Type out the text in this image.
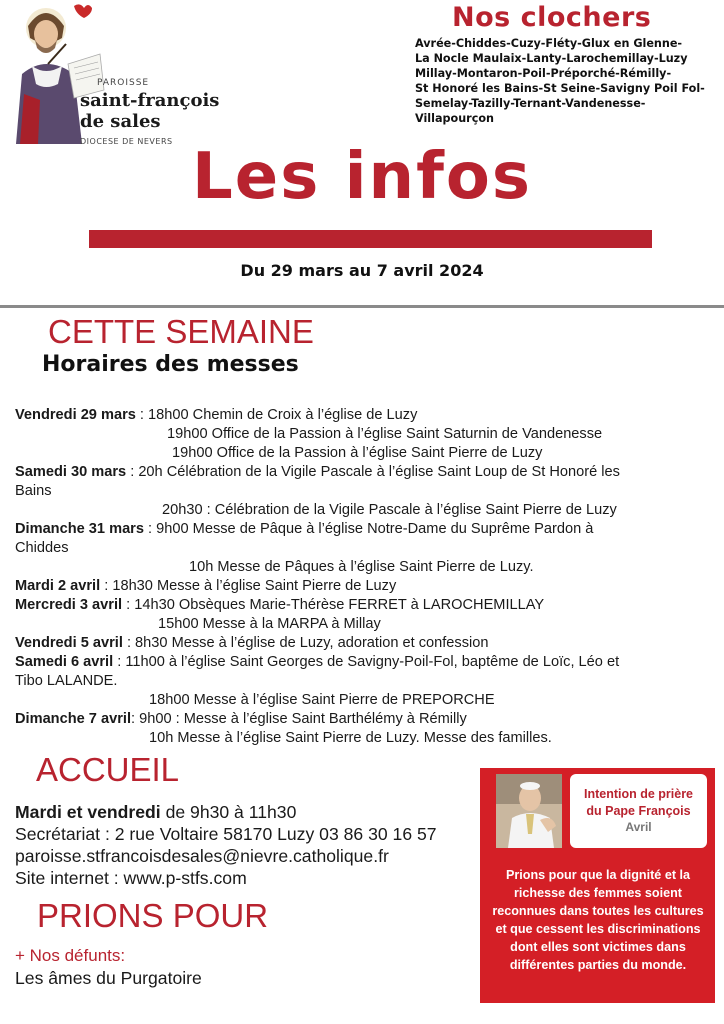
PAROISSE
saint-françois
de sales
DIOCESE DE NEVERS
Nos clochers
Avrée-Chiddes-Cuzy-Fléty-Glux en Glenne-
La Nocle Maulaix-Lanty-Larochemillay-Luzy
Millay-Montaron-Poil-Préporché-Rémilly-
St Honoré les Bains-St Seine-Savigny Poil Fol-
Semelay-Tazilly-Ternant-Vandenesse-
Villapourçon
Les infos
Du 29 mars au 7 avril 2024
CETTE SEMAINE
Horaires des messes
Vendredi 29 mars : 18h00 Chemin de Croix à l’église de Luzy
19h00 Office de la Passion à l’église Saint Saturnin de Vandenesse
19h00 Office de la Passion à l’église Saint Pierre de Luzy
Samedi 30 mars : 20h Célébration de la Vigile Pascale à l’église Saint Loup de St Honoré les
Bains
20h30 : Célébration de la Vigile Pascale à l’église Saint Pierre de Luzy
Dimanche 31 mars : 9h00 Messe de Pâque à l’église Notre-Dame du Suprême Pardon à
Chiddes
10h Messe de Pâques à l’église Saint Pierre de Luzy.
Mardi 2 avril : 18h30 Messe à l’église Saint Pierre de Luzy
Mercredi 3 avril : 14h30 Obsèques Marie-Thérèse FERRET à LAROCHEMILLAY
15h00 Messe à la MARPA à Millay
Vendredi 5 avril : 8h30 Messe à l’église de Luzy, adoration et confession
Samedi 6 avril : 11h00 à l’église Saint Georges de Savigny-Poil-Fol, baptême de Loïc, Léo et
Tibo LALANDE.
18h00 Messe à l’église Saint Pierre de PREPORCHE
Dimanche 7 avril: 9h00 : Messe à l’église Saint Barthélémy à Rémilly
10h Messe à l’église Saint Pierre de Luzy. Messe des familles.
ACCUEIL
Mardi et vendredi de 9h30 à 11h30
Secrétariat : 2 rue Voltaire 58170 Luzy 03 86 30 16 57
paroisse.stfrancoisdesales@nievre.catholique.fr
Site internet : www.p-stfs.com
PRIONS POUR
+ Nos défunts:
Les âmes du Purgatoire
Intention de prière
du Pape François
Avril
Prions pour que la dignité et la richesse des femmes soient reconnues dans toutes les cultures et que cessent les discriminations dont elles sont victimes dans différentes parties du monde.
